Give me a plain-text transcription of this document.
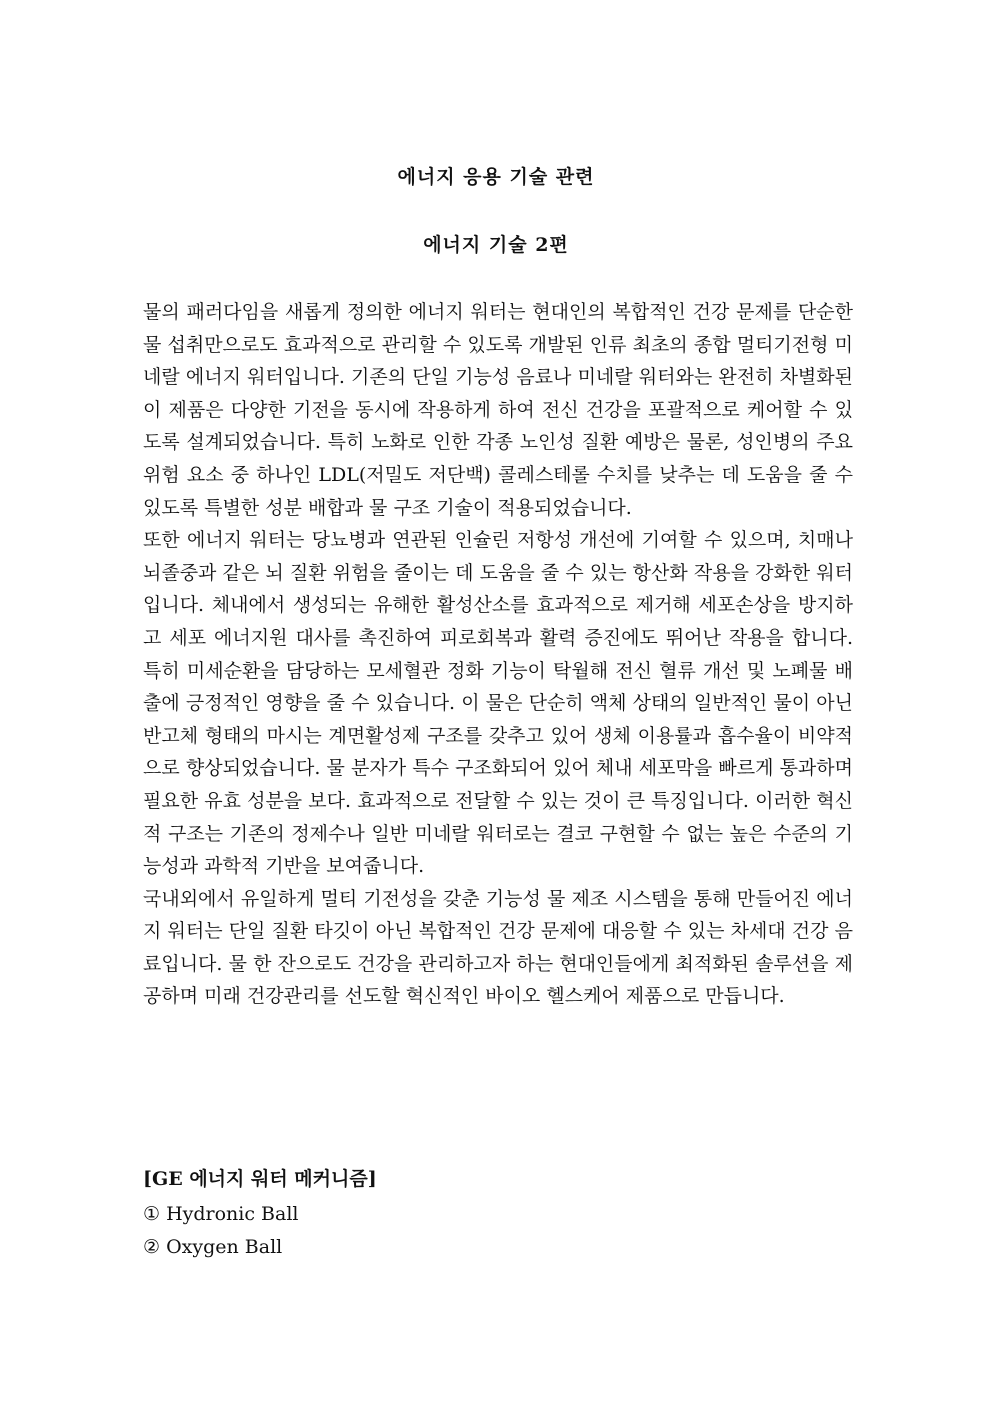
에너지 응용 기술 관련
에너지 기술 2편

물의 패러다임을 새롭게 정의한 에너지 워터는 현대인의 복합적인 건강 문제를 단순한 물 섭취만으로도 효과적으로 관리할 수 있도록 개발된 인류 최초의 종합 멀티기전형 미네랄 에너지 워터입니다. 기존의 단일 기능성 음료나 미네랄 워터와는 완전히 차별화된 이 제품은 다양한 기전을 동시에 작용하게 하여 전신 건강을 포괄적으로 케어할 수 있도록 설계되었습니다. 특히 노화로 인한 각종 노인성 질환 예방은 물론, 성인병의 주요 위험 요소 중 하나인 LDL(저밀도 저단백) 콜레스테롤 수치를 낮추는 데 도움을 줄 수 있도록 특별한 성분 배합과 물 구조 기술이 적용되었습니다.

또한 에너지 워터는 당뇨병과 연관된 인슐린 저항성 개선에 기여할 수 있으며, 치매나 뇌졸중과 같은 뇌 질환 위험을 줄이는 데 도움을 줄 수 있는 항산화 작용을 강화한 워터입니다. 체내에서 생성되는 유해한 활성산소를 효과적으로 제거해 세포손상을 방지하고 세포 에너지원 대사를 촉진하여 피로회복과 활력 증진에도 뛰어난 작용을 합니다. 특히 미세순환을 담당하는 모세혈관 정화 기능이 탁월해 전신 혈류 개선 및 노폐물 배출에 긍정적인 영향을 줄 수 있습니다. 이 물은 단순히 액체 상태의 일반적인 물이 아닌 반고체 형태의 마시는 계면활성제 구조를 갖추고 있어 생체 이용률과 흡수율이 비약적으로 향상되었습니다. 물 분자가 특수 구조화되어 있어 체내 세포막을 빠르게 통과하며 필요한 유효 성분을 보다. 효과적으로 전달할 수 있는 것이 큰 특징입니다. 이러한 혁신적 구조는 기존의 정제수나 일반 미네랄 워터로는 결코 구현할 수 없는 높은 수준의 기능성과 과학적 기반을 보여줍니다.

국내외에서 유일하게 멀티 기전성을 갖춘 기능성 물 제조 시스템을 통해 만들어진 에너지 워터는 단일 질환 타깃이 아닌 복합적인 건강 문제에 대응할 수 있는 차세대 건강 음료입니다. 물 한 잔으로도 건강을 관리하고자 하는 현대인들에게 최적화된 솔루션을 제공하며 미래 건강관리를 선도할 혁신적인 바이오 헬스케어 제품으로 만듭니다.

[GE 에너지 워터 메커니즘]

① Hydronic Ball

② Oxygen Ball
